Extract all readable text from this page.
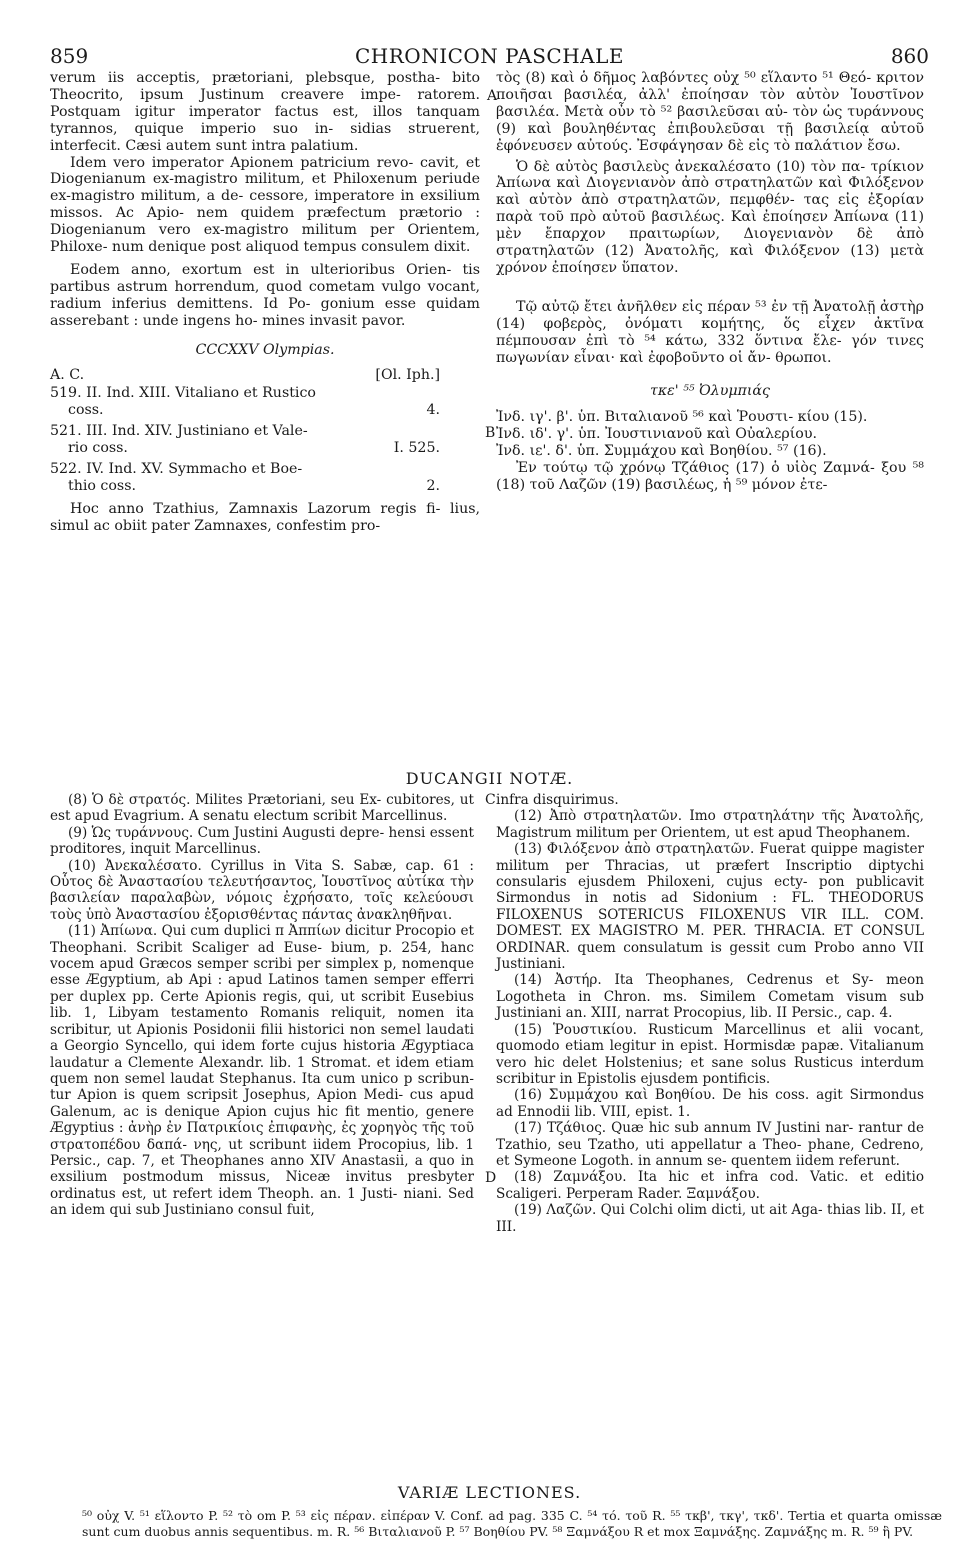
859	CHRONICON PASCHALE	860
A
B
C
D

verum iis acceptis, prætoriani, plebsque, postha- bito Theocrito, ipsum Justinum creavere impe- ratorem. Postquam igitur imperator factus est, illos tanquam tyrannos, quique imperio suo in- sidias struerent, interfecit. Cæsi autem sunt intra palatium.

Idem vero imperator Apionem patricium revo- cavit, et Diogenianum ex-magistro militum, et Philoxenum periude ex-magistro militum, a de- cessore, imperatore in exsilium missos. Ac Apio- nem quidem præfectum prætorio : Diogenianum vero ex-magistro militum per Orientem, Philoxe- num denique post aliquod tempus consulem dixit.

Eodem anno, exortum est in ulterioribus Orien- tis partibus astrum horrendum, quod cometam vulgo vocant, radium inferius demittens. Id Po- gonium esse quidam asserebant : unde ingens ho- mines invasit pavor.

CCCXXV Olympias.
A. C.	[Ol. Iph.]
519. II. Ind. XIII. Vitaliano et Rustico
coss.	4.
521. III. Ind. XIV. Justiniano et Vale-
rio coss.	I. 525.
522. IV. Ind. XV. Symmacho et Boe-
thio coss.	2.

Hoc anno Tzathius, Zamnaxis Lazorum regis fi- lius, simul ac obiit pater Zamnaxes, confestim pro-

τὸς (8) καὶ ὁ δῆμος λαβόντες οὐχ ⁵⁰ εἵλαντο ⁵¹ Θεό- κριτον ποιῆσαι βασιλέα, ἀλλ' ἐποίησαν τὸν αὐτὸν Ἰουστῖνον βασιλέα. Μετὰ οὖν τὸ ⁵² βασιλεῦσαι αὐ- τὸν ὡς τυράννους (9) καὶ βουληθέντας ἐπιβουλεῦσαι τῇ βασιλείᾳ αὐτοῦ ἐφόνευσεν αὐτούς. Ἐσφάγησαν δὲ εἰς τὸ παλάτιον ἔσω.

Ὁ δὲ αὐτὸς βασιλεὺς ἀνεκαλέσατο (10) τὸν πα- τρίκιον Ἀπίωνα καὶ Διογενιανὸν ἀπὸ στρατηλατῶν καὶ Φιλόξενον καὶ αὐτὸν ἀπὸ στρατηλατῶν, πεμφθέν- τας εἰς ἐξορίαν παρὰ τοῦ πρὸ αὐτοῦ βασιλέως. Καὶ ἐποίησεν Ἀπίωνα (11) μὲν ἔπαρχον πραιτωρίων, Διογενιανὸν δὲ ἀπὸ στρατηλατῶν (12) Ἀνατολῆς, καὶ Φιλόξενον (13) μετὰ χρόνον ἐποίησεν ὕπατον.

Τῷ αὐτῷ ἔτει ἀνῆλθεν εἰς πέραν ⁵³ ἐν τῇ Ἀνατολῇ ἀστὴρ (14) φοβερὸς, ὀνόματι κομήτης, ὅς εἶχεν ἀκτῖνα πέμπουσαν ἐπὶ τὸ ⁵⁴ κάτω, 332 ὅντινα ἔλε- γόν τινες πωγωνίαν εἶναι· καὶ ἐφοβοῦντο οἱ ἄν- θρωποι.

τκε' ⁵⁵ Ὀλυμπιάς

Ἰνδ. ιγ'. β'. ὑπ. Βιταλιανοῦ ⁵⁶ καὶ Ῥουστι- κίου (15).

Ἰνδ. ιδ'. γ'. ὑπ. Ἰουστινιανοῦ καὶ Οὐαλερίου.

Ἰνδ. ιε'. δ'. ὑπ. Συμμάχου καὶ Βοηθίου. ⁵⁷ (16).

Ἐν τούτῳ τῷ χρόνῳ Τζάθιος (17) ὁ υἱὸς Ζαμνά- ξου ⁵⁸ (18) τοῦ Λαζῶν (19) βασιλέως, ἡ ⁵⁹ μόνον ἐτε-

DUCANGII NOTÆ.

(8) Ὁ δὲ στρατός. Milites Prætoriani, seu Ex- cubitores, ut est apud Evagrium. A senatu electum scribit Marcellinus.

(9) Ὡς τυράννους. Cum Justini Augusti depre- hensi essent proditores, inquit Marcellinus.

(10) Ἀνεκαλέσατο. Cyrillus in Vita S. Sabæ, cap. 61 : Οὗτος δὲ Ἀναστασίου τελευτήσαντος, Ἰουστῖνος αὐτίκα τὴν βασιλείαν παραλαβὼν, νόμοις ἐχρήσατο, τοῖς κελεύουσι τοὺς ὑπὸ Ἀναστασίου ἐξορισθέντας πάντας ἀνακληθῆναι.

(11) Ἀπίωνα. Qui cum duplici π Ἀππίων dicitur Procopio et Theophani. Scribit Scaliger ad Euse- bium, p. 254, hanc vocem apud Græcos semper scribi per simplex p, nomenque esse Ægyptium, ab Api : apud Latinos tamen semper efferri per duplex pp. Certe Apionis regis, qui, ut scribit Eusebius lib. 1, Libyam testamento Romanis reliquit, nomen ita scribitur, ut Apionis Posidonii filii historici non semel laudati a Georgio Syncello, qui idem forte cujus historia Ægyptiaca laudatur a Clemente Alexandr. lib. 1 Stromat. et idem etiam quem non semel laudat Stephanus. Ita cum unico p scribun- tur Apion is quem scripsit Josephus, Apion Medi- cus apud Galenum, ac is denique Apion cujus hic fit mentio, genere Ægyptius : ἀνὴρ ἐν Πατρικίοις ἐπιφανὴς, ἐς χορηγὸς τῆς τοῦ στρατοπέδου δαπά- νης, ut scribunt iidem Procopius, lib. 1 Persic., cap. 7, et Theophanes anno XIV Anastasii, a quo in exsilium postmodum missus, Niceæ invitus presbyter ordinatus est, ut refert idem Theoph. an. 1 Justi- niani. Sed an idem qui sub Justiniano consul fuit,

infra disquirimus.

(12) Ἀπὸ στρατηλατῶν. Imo στρατηλάτην τῆς Ἀνατολῆς, Magistrum militum per Orientem, ut est apud Theophanem.

(13) Φιλόξενον ἀπὸ στρατηλατῶν. Fuerat quippe magister militum per Thracias, ut præfert Inscriptio diptychi consularis ejusdem Philoxeni, cujus ecty- pon publicavit Sirmondus in notis ad Sidonium : FL. THEODORUS FILOXENUS SOTERICUS FILOXENUS VIR ILL. COM. DOMEST. EX MAGISTRO M. PER. THRACIA. ET CONSUL ORDINAR. quem consulatum is gessit cum Probo anno VII Justiniani.

(14) Ἀστήρ. Ita Theophanes, Cedrenus et Sy- meon Logotheta in Chron. ms. Similem Cometam visum sub Justiniani an. XIII, narrat Procopius, lib. II Persic., cap. 4.

(15) Ῥουστικίου. Rusticum Marcellinus et alii vocant, quomodo etiam legitur in epist. Hormisdæ papæ. Vitalianum vero hic delet Holstenius; et sane solus Rusticus interdum scribitur in Epistolis ejusdem pontificis.

(16) Συμμάχου καὶ Βοηθίου. De his coss. agit Sirmondus ad Ennodii lib. VIII, epist. 1.

(17) Τζάθιος. Quæ hic sub annum IV Justini nar- rantur de Tzathio, seu Tzatho, uti appellatur a Theo- phane, Cedreno, et Symeone Logoth. in annum se- quentem iidem referunt.

(18) Ζαμνάξου. Ita hic et infra cod. Vatic. et editio Scaligeri. Perperam Rader. Ξαμνάξου.

(19) Λαζῶν. Qui Colchi olim dicti, ut ait Aga- thias lib. II, et III.

VARIÆ LECTIONES.
⁵⁰ οὐχ V. ⁵¹ εἵλοντο P. ⁵² τὸ om P. ⁵³ εἰς πέραν. εἰπέραν V. Conf. ad pag. 335 C. ⁵⁴ τό. τοῦ R. ⁵⁵ τκβ', τκγ', τκδ'. Tertia et quarta omissæ sunt cum duobus annis sequentibus. m. R. ⁵⁶ Βιταλιανοῦ P. ⁵⁷ Βοηθίου PV. ⁵⁸ Ξαμνάξου R et mox Ξαμνάξης. Ζαμνάξης m. R. ⁵⁹ ἣ PV.
